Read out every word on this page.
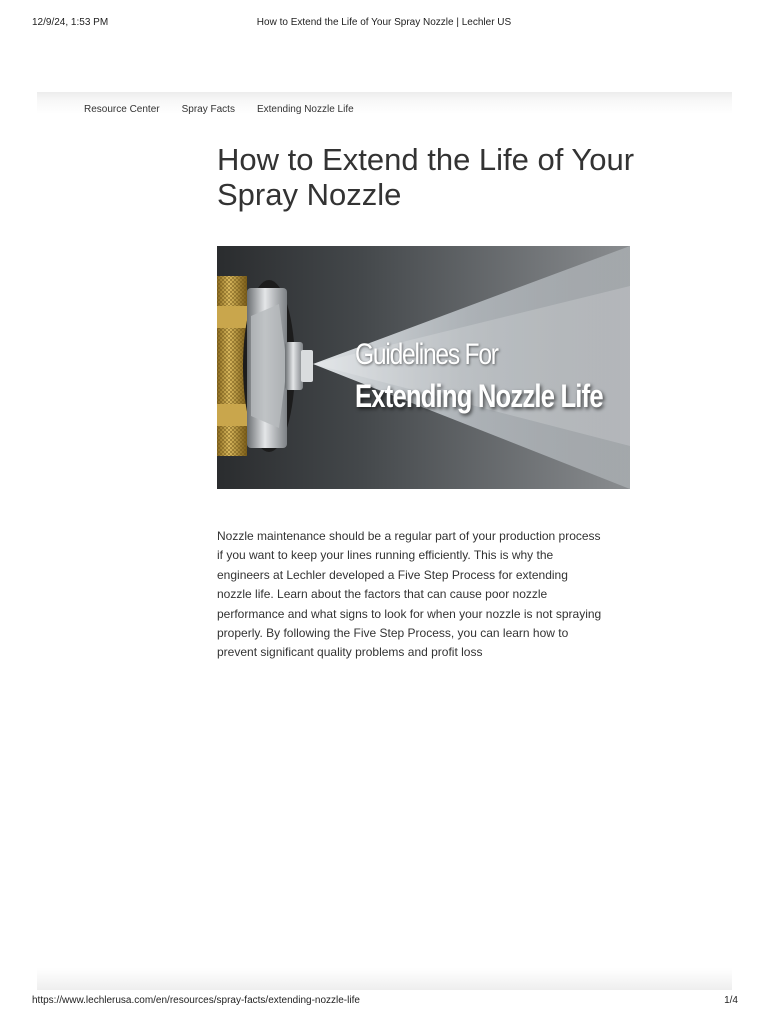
12/9/24, 1:53 PM	How to Extend the Life of Your Spray Nozzle | Lechler US
Resource Center Spray Facts Extending Nozzle Life
How to Extend the Life of Your Spray Nozzle
Guidelines For
Extending Nozzle Life

Nozzle maintenance should be a regular part of your production process
if you want to keep your lines running efficiently. This is why the
engineers at Lechler developed a Five Step Process for extending
nozzle life. Learn about the factors that can cause poor nozzle
performance and what signs to look for when your nozzle is not spraying
properly. By following the Five Step Process, you can learn how to
prevent significant quality problems and profit loss

https://www.lechlerusa.com/en/resources/spray-facts/extending-nozzle-life	1/4
